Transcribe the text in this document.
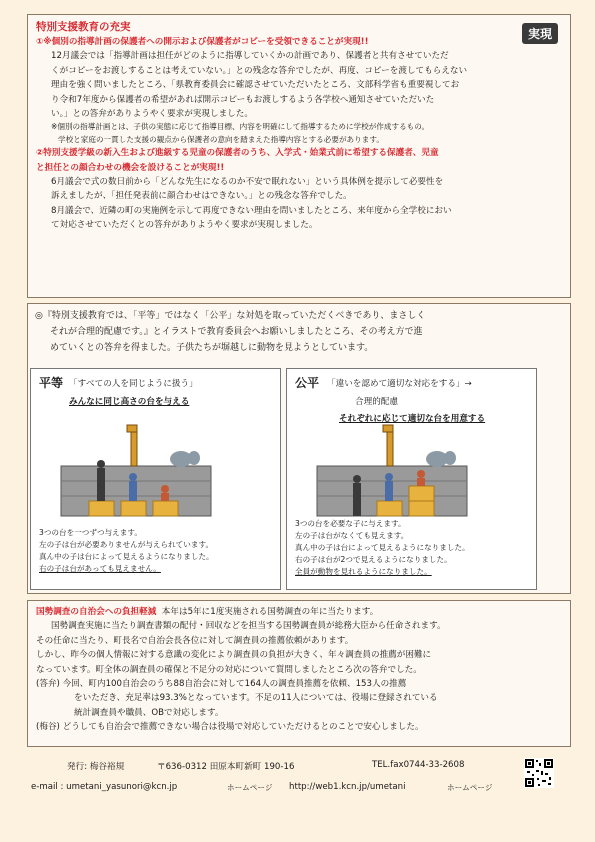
特別支援教育の充実	実現
①※個別の指導計画の保護者への開示および保護者がコピーを受領できることが実現!!
12月議会では「指導計画は担任がどのように指導していくかの計画であり、保護者と共有させていただ
くがコピーをお渡しすることは考えていない。」との残念な答弁でしたが、再度、コピーを渡してもらえない
理由を強く問いましたところ、「県教育委員会に確認させていただいたところ、文部科学省も重要視してお
り令和7年度から保護者の希望があれば開示コピーもお渡しするよう各学校へ通知させていただいた
い。」との答弁がありようやく要求が実現しました。
※個別の指導計画とは、子供の実態に応じて指導目標、内容を明確にして指導するために学校が作成するもの。
学校と家庭の一貫した支援の観点から保護者の意向を踏まえた指導内容とする必要があります。
②特別支援学級の新入生および進級する児童の保護者のうち、入学式・始業式前に希望する保護者、児童
と担任との顔合わせの機会を設けることが実現!!
6月議会で式の数日前から「どんな先生になるのか不安で眠れない」という具体例を提示して必要性を
訴えましたが、「担任発表前に顔合わせはできない。」との残念な答弁でした。
8月議会で、近隣の町の実施例を示して再度できない理由を問いましたところ、来年度から全学校におい
て対応させていただくとの答弁がありようやく要求が実現しました。
◎『特別支援教育では、「平等」ではなく「公平」な対処を取っていただくべきであり、まさしく
それが合理的配慮です。』とイラストで教育委員会へお願いしましたところ、その考え方で進
めていくとの答弁を得ました。子供たちが塀越しに動物を見ようとしています。
平等 「すべての人を同じように扱う」
みんなに同じ高さの台を与える
3つの台を一つずつ与えます。
左の子は台が必要ありませんが与えられています。
真ん中の子は台によって見えるようになりました。
右の子は台があっても見えません。
公平 「違いを認めて適切な対応をする」→
合理的配慮
それぞれに応じて適切な台を用意する
3つの台を必要な子に与えます。
左の子は台がなくても見えます。
真ん中の子は台によって見えるようになりました。
右の子は台が2つで見えるようになりました。
全員が動物を見れるようになりました。
国勢調査の自治会への負担軽減 本年は5年に1度実施される国勢調査の年に当たります。
国勢調査実施に当たり調査書類の配付・回収などを担当する国勢調査員が総務大臣から任命されます。
その任命に当たり、町長名で自治会長各位に対して調査員の推薦依頼があります。
しかし、昨今の個人情報に対する意識の変化により調査員の負担が大きく、年々調査員の推薦が困難に
なっています。町全体の調査員の確保と不足分の対応について質問しましたところ次の答弁でした。
(答弁) 今回、町内100自治会のうち88自治会に対して164人の調査員推薦を依頼、153人の推薦
をいただき、充足率は93.3%となっています。不足の11人については、役場に登録されている
統計調査員や職員、OBで対応します。
(梅谷) どうしても自治会で推薦できない場合は役場で対応していただけるとのことで安心しました。
発行: 梅谷裕規	〒636-0312 田原本町新町 190-16	TEL.fax0744-33-2608
e-mail : umetani_yasunori@kcn.jp	ホームページ http://web1.kcn.jp/umetani	ホームページ
